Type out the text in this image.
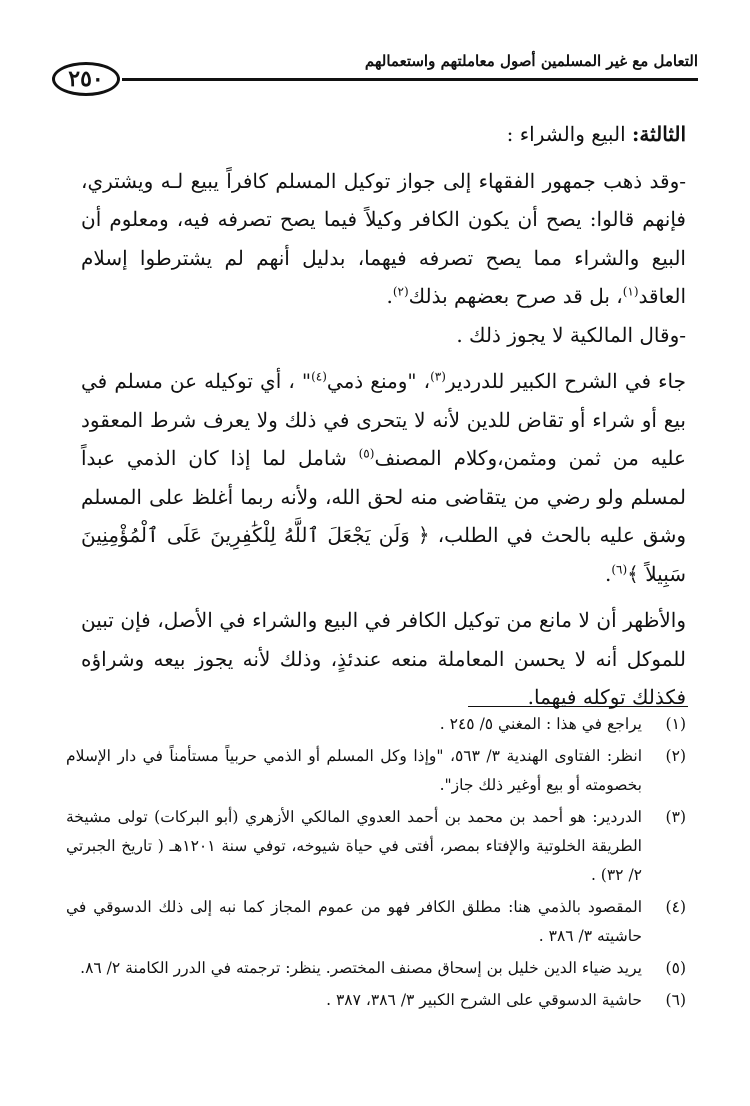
التعامل مع غير المسلمين أصول معاملتهم واستعمالهم
٢٥٠

الثالثة: البيع والشراء :

-وقد ذهب جمهور الفقهاء إلى جواز توكيل المسلم كافراً يبيع لـه ويشتري، فإنهم قالوا: يصح أن يكون الكافر وكيلاً فيما يصح تصرفه فيه، ومعلوم أن البيع والشراء مما يصح تصرفه فيهما، بدليل أنهم لم يشترطوا إسلام العاقد$^{(١)}$، بل قد صرح بعضهم بذلك$^{(٢)}$.

-وقال المالكية لا يجوز ذلك .

جاء في الشرح الكبير للدردير$^{(٣)}$، "ومنع ذمي$^{(٤)}$" ، أي توكيله عن مسلم في بيع أو شراء أو تقاض للدين لأنه لا يتحرى في ذلك ولا يعرف شرط المعقود عليه من ثمن ومثمن،وكلام المصنف$^{(٥)}$ شامل لما إذا كان الذمي عبداً لمسلم ولو رضي من يتقاضى منه لحق الله، ولأنه ربما أغلظ على المسلم وشق عليه بالحث في الطلب، ﴿ وَلَن يَجْعَلَ ٱللَّهُ لِلْكَٰفِرِينَ عَلَى ٱلْمُؤْمِنِينَ سَبِيلاً ﴾$^{(٦)}$.

والأظهر أن لا مانع من توكيل الكافر في البيع والشراء في الأصل، فإن تبين للموكل أنه لا يحسن المعاملة منعه عندئذٍ، وذلك لأنه يجوز بيعه وشراؤه فكذلك توكله فيهما.

(١)
يراجع في هذا : المغني ٥/ ٢٤٥ .
(٢)
انظر: الفتاوى الهندية ٣/ ٥٦٣، "وإذا وكل المسلم أو الذمي حربياً مستأمناً في دار الإسلام بخصومته أو بيع أوغير ذلك جاز".
(٣)
الدردير: هو أحمد بن محمد بن أحمد العدوي المالكي الأزهري (أبو البركات) تولى مشيخة الطريقة الخلوتية والإفتاء بمصر، أفتى في حياة شيوخه، توفي سنة ١٢٠١هـ ( تاريخ الجبرتي ٢/ ٣٢) .
(٤)
المقصود بالذمي هنا: مطلق الكافر فهو من عموم المجاز كما نبه إلى ذلك الدسوقي في حاشيته ٣/ ٣٨٦ .
(٥)
يريد ضياء الدين خليل بن إسحاق مصنف المختصر. ينظر: ترجمته في الدرر الكامنة ٢/ ٨٦.
(٦)
حاشية الدسوقي على الشرح الكبير ٣/ ٣٨٦، ٣٨٧ .
